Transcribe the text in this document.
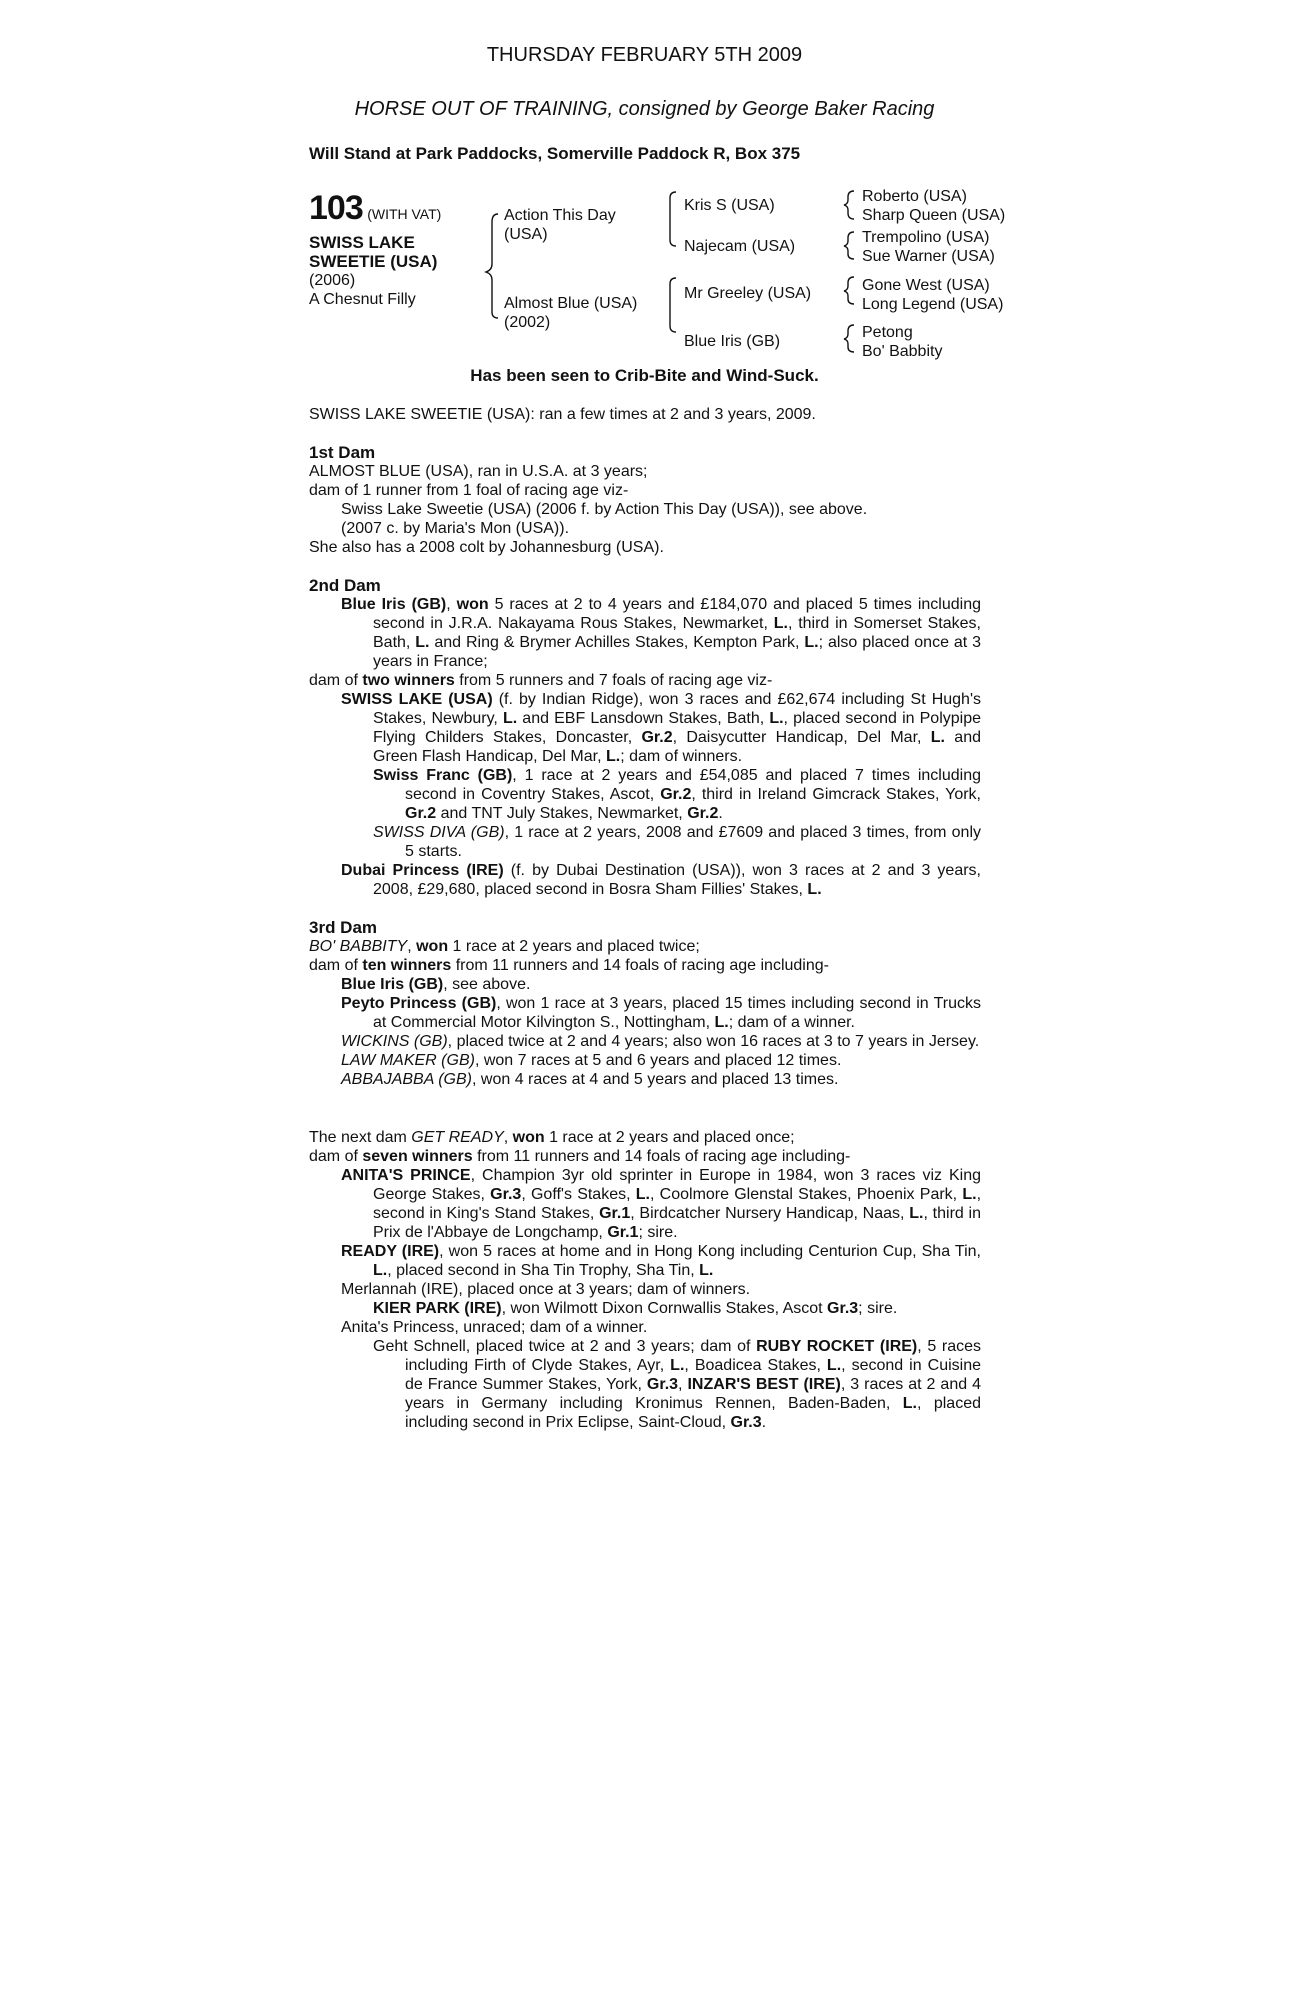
THURSDAY FEBRUARY 5TH 2009
HORSE OUT OF TRAINING, consigned by George Baker Racing
Will Stand at Park Paddocks, Somerville Paddock R, Box 375
103 (WITH VAT)
SWISS LAKE
SWEETIE (USA)
(2006)
A Chesnut Filly
Action This Day
(USA)
Almost Blue (USA)
(2002)
Kris S (USA)
Najecam (USA)
Mr Greeley (USA)
Blue Iris (GB)
Roberto (USA)
Sharp Queen (USA)
Trempolino (USA)
Sue Warner (USA)
Gone West (USA)
Long Legend (USA)
Petong
Bo' Babbity
Has been seen to Crib-Bite and Wind-Suck.
SWISS LAKE SWEETIE (USA): ran a few times at 2 and 3 years, 2009.

1st Dam

ALMOST BLUE (USA), ran in U.S.A. at 3 years;

dam of 1 runner from 1 foal of racing age viz-

Swiss Lake Sweetie (USA) (2006 f. by Action This Day (USA)), see above.

(2007 c. by Maria's Mon (USA)).

She also has a 2008 colt by Johannesburg (USA).

2nd Dam

Blue Iris (GB), won 5 races at 2 to 4 years and £184,070 and placed 5 times including second in J.R.A. Nakayama Rous Stakes, Newmarket, L., third in Somerset Stakes, Bath, L. and Ring & Brymer Achilles Stakes, Kempton Park, L.; also placed once at 3 years in France;

dam of two winners from 5 runners and 7 foals of racing age viz-

SWISS LAKE (USA) (f. by Indian Ridge), won 3 races and £62,674 including St Hugh's Stakes, Newbury, L. and EBF Lansdown Stakes, Bath, L., placed second in Polypipe Flying Childers Stakes, Doncaster, Gr.2, Daisycutter Handicap, Del Mar, L. and Green Flash Handicap, Del Mar, L.; dam of winners.

Swiss Franc (GB), 1 race at 2 years and £54,085 and placed 7 times including second in Coventry Stakes, Ascot, Gr.2, third in Ireland Gimcrack Stakes, York, Gr.2 and TNT July Stakes, Newmarket, Gr.2.

SWISS DIVA (GB), 1 race at 2 years, 2008 and £7609 and placed 3 times, from only 5 starts.

Dubai Princess (IRE) (f. by Dubai Destination (USA)), won 3 races at 2 and 3 years, 2008, £29,680, placed second in Bosra Sham Fillies' Stakes, L.

3rd Dam

BO' BABBITY, won 1 race at 2 years and placed twice;

dam of ten winners from 11 runners and 14 foals of racing age including-

Blue Iris (GB), see above.

Peyto Princess (GB), won 1 race at 3 years, placed 15 times including second in Trucks at Commercial Motor Kilvington S., Nottingham, L.; dam of a winner.

WICKINS (GB), placed twice at 2 and 4 years; also won 16 races at 3 to 7 years in Jersey.

LAW MAKER (GB), won 7 races at 5 and 6 years and placed 12 times.

ABBAJABBA (GB), won 4 races at 4 and 5 years and placed 13 times.

The next dam GET READY, won 1 race at 2 years and placed once;

dam of seven winners from 11 runners and 14 foals of racing age including-

ANITA'S PRINCE, Champion 3yr old sprinter in Europe in 1984, won 3 races viz King George Stakes, Gr.3, Goff's Stakes, L., Coolmore Glenstal Stakes, Phoenix Park, L., second in King's Stand Stakes, Gr.1, Birdcatcher Nursery Handicap, Naas, L., third in Prix de l'Abbaye de Longchamp, Gr.1; sire.

READY (IRE), won 5 races at home and in Hong Kong including Centurion Cup, Sha Tin, L., placed second in Sha Tin Trophy, Sha Tin, L.

Merlannah (IRE), placed once at 3 years; dam of winners.

KIER PARK (IRE), won Wilmott Dixon Cornwallis Stakes, Ascot Gr.3; sire.

Anita's Princess, unraced; dam of a winner.

Geht Schnell, placed twice at 2 and 3 years; dam of RUBY ROCKET (IRE), 5 races including Firth of Clyde Stakes, Ayr, L., Boadicea Stakes, L., second in Cuisine de France Summer Stakes, York, Gr.3, INZAR'S BEST (IRE), 3 races at 2 and 4 years in Germany including Kronimus Rennen, Baden-Baden, L., placed including second in Prix Eclipse, Saint-Cloud, Gr.3.
